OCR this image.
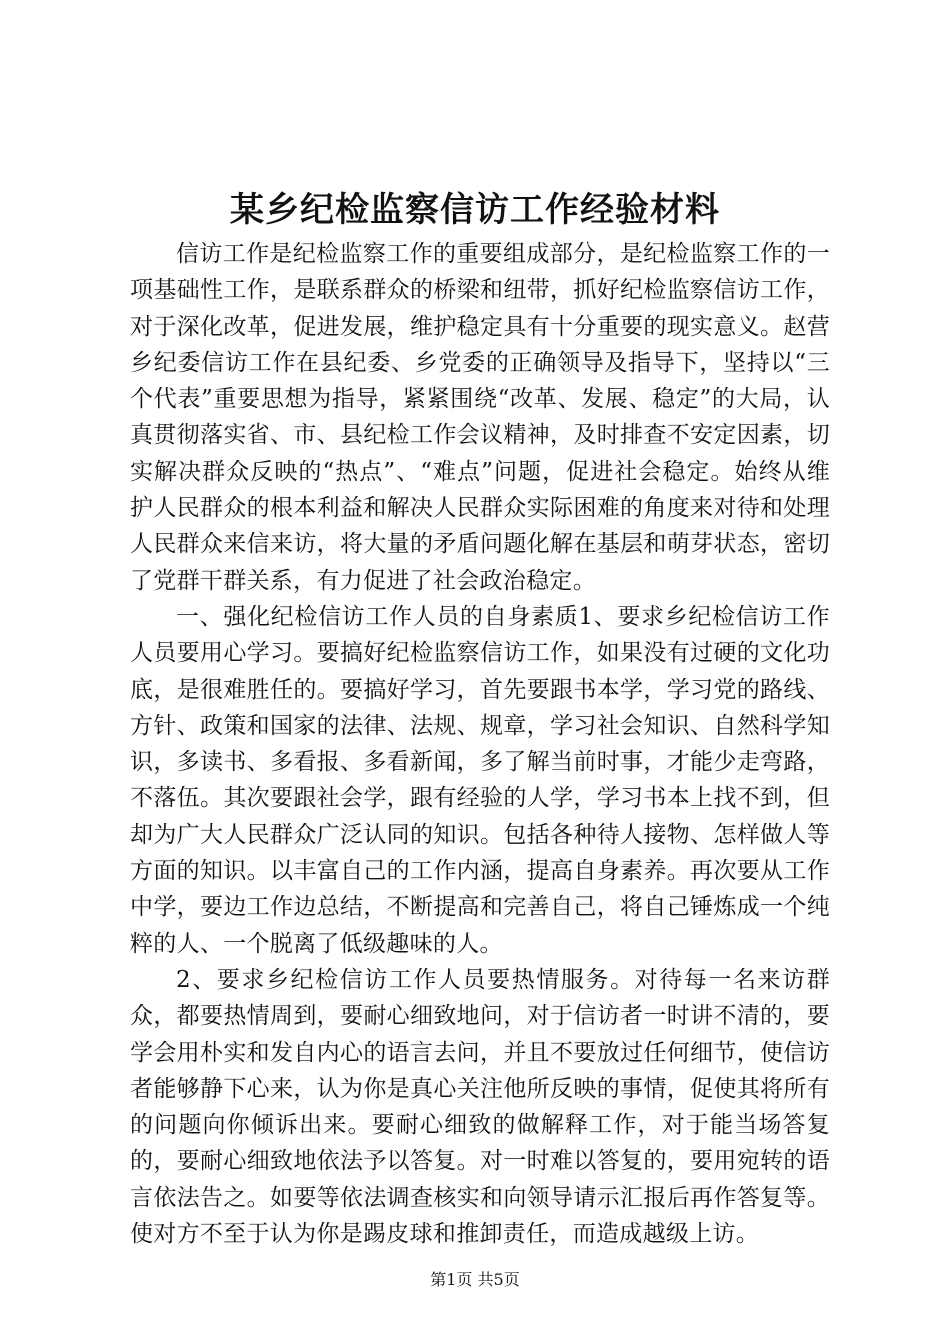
某乡纪检监察信访工作经验材料

信访工作是纪检监察工作的重要组成部分，是纪检监察工作的一项基础性工作，是联系群众的桥梁和纽带，抓好纪检监察信访工作，对于深化改革，促进发展，维护稳定具有十分重要的现实意义。赵营乡纪委信访工作在县纪委、乡党委的正确领导及指导下，坚持以“三个代表”重要思想为指导，紧紧围绕“改革、发展、稳定”的大局，认真贯彻落实省、市、县纪检工作会议精神，及时排查不安定因素，切实解决群众反映的“热点”、“难点”问题，促进社会稳定。始终从维护人民群众的根本利益和解决人民群众实际困难的角度来对待和处理人民群众来信来访，将大量的矛盾问题化解在基层和萌芽状态，密切了党群干群关系，有力促进了社会政治稳定。

一、强化纪检信访工作人员的自身素质1、要求乡纪检信访工作人员要用心学习。要搞好纪检监察信访工作，如果没有过硬的文化功底，是很难胜任的。要搞好学习，首先要跟书本学，学习党的路线、方针、政策和国家的法律、法规、规章，学习社会知识、自然科学知识，多读书、多看报、多看新闻，多了解当前时事，才能少走弯路，不落伍。其次要跟社会学，跟有经验的人学，学习书本上找不到，但却为广大人民群众广泛认同的知识。包括各种待人接物、怎样做人等方面的知识。以丰富自己的工作内涵，提高自身素养。再次要从工作中学，要边工作边总结，不断提高和完善自己，将自己锤炼成一个纯粹的人、一个脱离了低级趣味的人。

2、要求乡纪检信访工作人员要热情服务。对待每一名来访群众，都要热情周到，要耐心细致地问，对于信访者一时讲不清的，要学会用朴实和发自内心的语言去问，并且不要放过任何细节，使信访者能够静下心来，认为你是真心关注他所反映的事情，促使其将所有的问题向你倾诉出来。要耐心细致的做解释工作，对于能当场答复的，要耐心细致地依法予以答复。对一时难以答复的，要用宛转的语言依法告之。如要等依法调查核实和向领导请示汇报后再作答复等。使对方不至于认为你是踢皮球和推卸责任，而造成越级上访。

第1页 共5页
